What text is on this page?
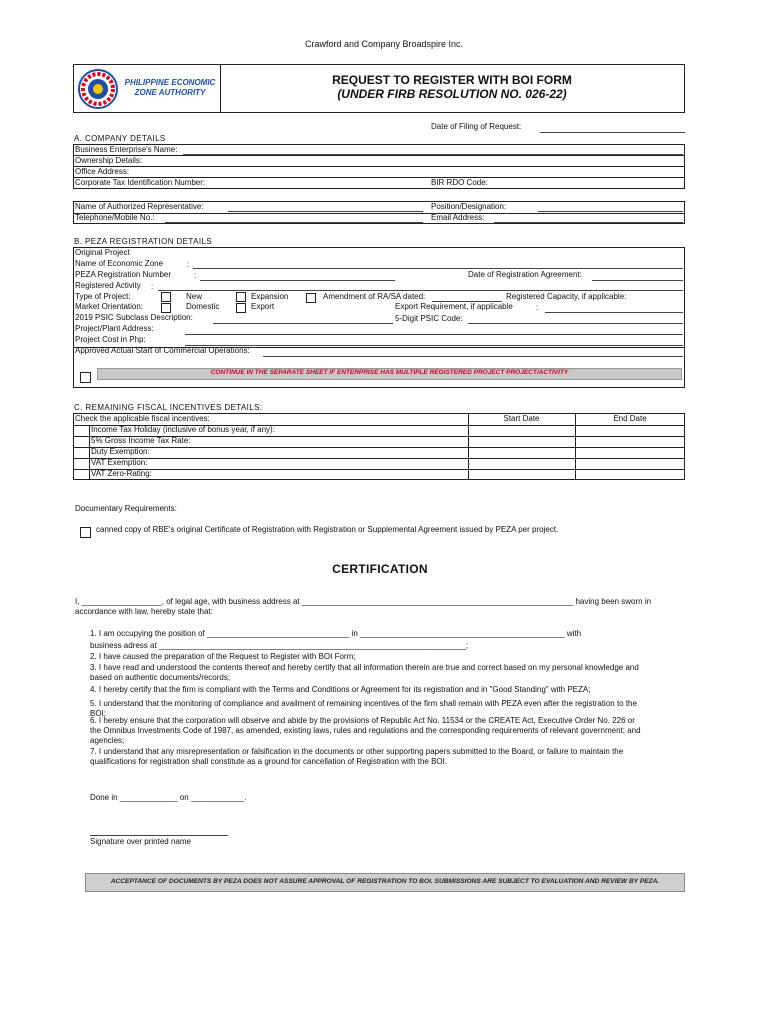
Crawford and Company Broadspire Inc.
PHILIPPINE ECONOMIC
ZONE AUTHORITY
REQUEST TO REGISTER WITH BOI FORM
(UNDER FIRB RESOLUTION NO. 026-22)
Date of Filing of Request:
A. COMPANY DETAILS
Business Enterprise's Name:
Ownership Details:
Office Address:
Corporate Tax Identification Number:	BIR RDO Code:
Name of Authorized Representative:	Position/Designation:
Telephone/Mobile No.:	Email Address:
B. PEZA REGISTRATION DETAILS
Original Project
Name of Economic Zone	:
PEZA Registration Number	:	Date of Registration Agreement:
Registered Activity :
Type of Project:	New	Expansion	Amendment of RA/SA dated:	Registered Capacity, if applicable:
Market Orientation:	Domestic	Export	Export Requirement, if applicable	:
2019 PSIC Subclass Description:	5-Digit PSIC Code:
Project/Plant Address:
Project Cost in Php:
Approved Actual Start of Commercial Operations:
CONTINUE IN THE SEPARATE SHEET IF ENTERPRISE HAS MULTIPLE REGISTERED PROJECT PROJECT/ACTIVITY
C. REMAINING FISCAL INCENTIVES DETAILS:
Check the applicable fiscal incentives:	Start Date	End Date
Income Tax Holiday (inclusive of bonus year, if any):
5% Gross Income Tax Rate:
Duty Exemption:
VAT Exemption:
VAT Zero-Rating:
Documentary Requirements:
canned copy of RBE's original Certificate of Registration with Registration or Supplemental Agreement issued by PEZA per project.
CERTIFICATION
I, __________________, of legal age, with business address at _____________________________________________________________ having been sworn in
accordance with law, hereby state that:
1. I am occupying the position of ________________________________ in ______________________________________________ with
business adress at _____________________________________________________________________;
2. I have caused the preparation of the Request to Register with BOI Form;
3. I have read and understood the contents thereof and hereby certify that all information therein are true and correct based on my personal knowledge and
based on authentic documents/records;
4. I hereby certify that the firm is compliant with the Terms and Conditions or Agreement for its registration and in "Good Standing" with PEZA;
5. I understand that the monitoring of compliance and availment of remaining incentives of the firm shall remain with PEZA even after the registration to the
BOI;
6. I hereby ensure that the corporation will observe and abide by the provisions of Republic Act No. 11534 or the CREATE Act, Executive Order No. 226 or
the Omnibus Investments Code of 1987, as amended, existing laws, rules and regulations and the corresponding requirements of relevant government; and
agencies;
7. I understand that any misrepresentation or falsification in the documents or other supporting papers submitted to the Board, or failure to maintain the
qualifications for registration shall constitute as a ground for cancellation of Registration with the BOI.
Done in _____________ on ____________.
Signature over printed name
ACCEPTANCE OF DOCUMENTS BY PEZA DOES NOT ASSURE APPROVAL OF REGISTRATION TO BOI. SUBMISSIONS ARE SUBJECT TO EVALUATION AND REVIEW BY PEZA.
